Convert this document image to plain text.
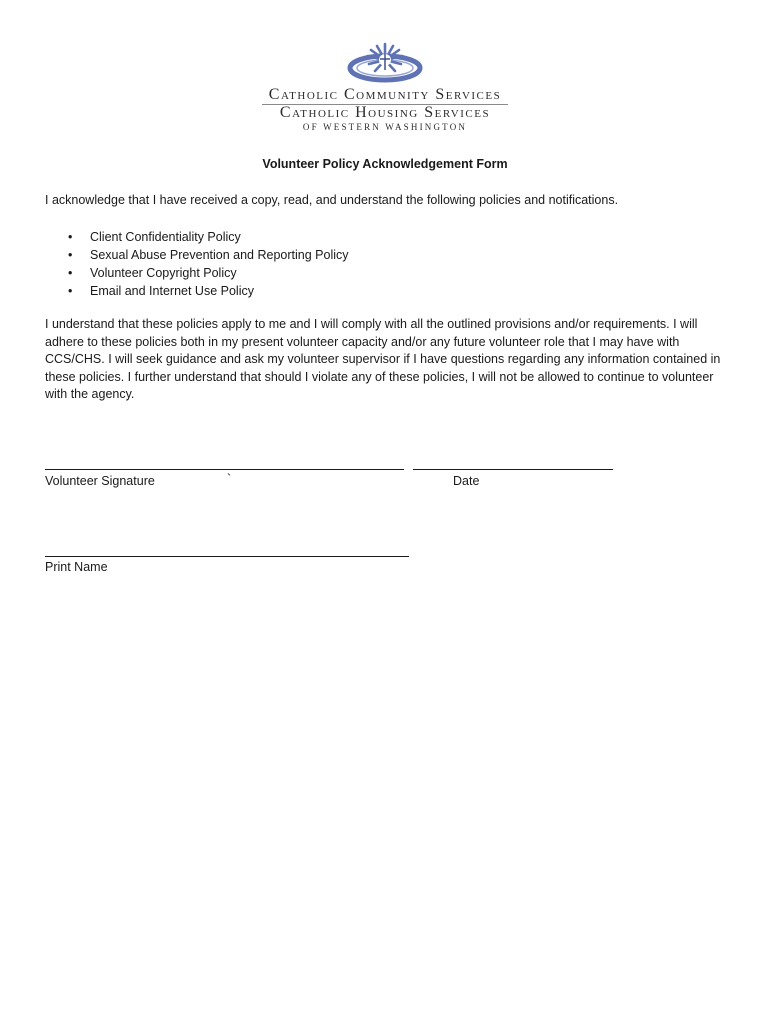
Catholic Community Services
Catholic Housing Services
OF WESTERN WASHINGTON
Volunteer Policy Acknowledgement Form
I acknowledge that I have received a copy, read, and understand the following policies and notifications.
• Client Confidentiality Policy
• Sexual Abuse Prevention and Reporting Policy
• Volunteer Copyright Policy
• Email and Internet Use Policy

I understand that these policies apply to me and I will comply with all the outlined provisions and/or requirements. I will adhere to these policies both in my present volunteer capacity and/or any future volunteer role that I may have with CCS/CHS. I will seek guidance and ask my volunteer supervisor if I have questions regarding any information contained in these policies. I further understand that should I violate any of these policies, I will not be allowed to continue to volunteer with the agency.

Volunteer Signature	`	Date
Print Name
